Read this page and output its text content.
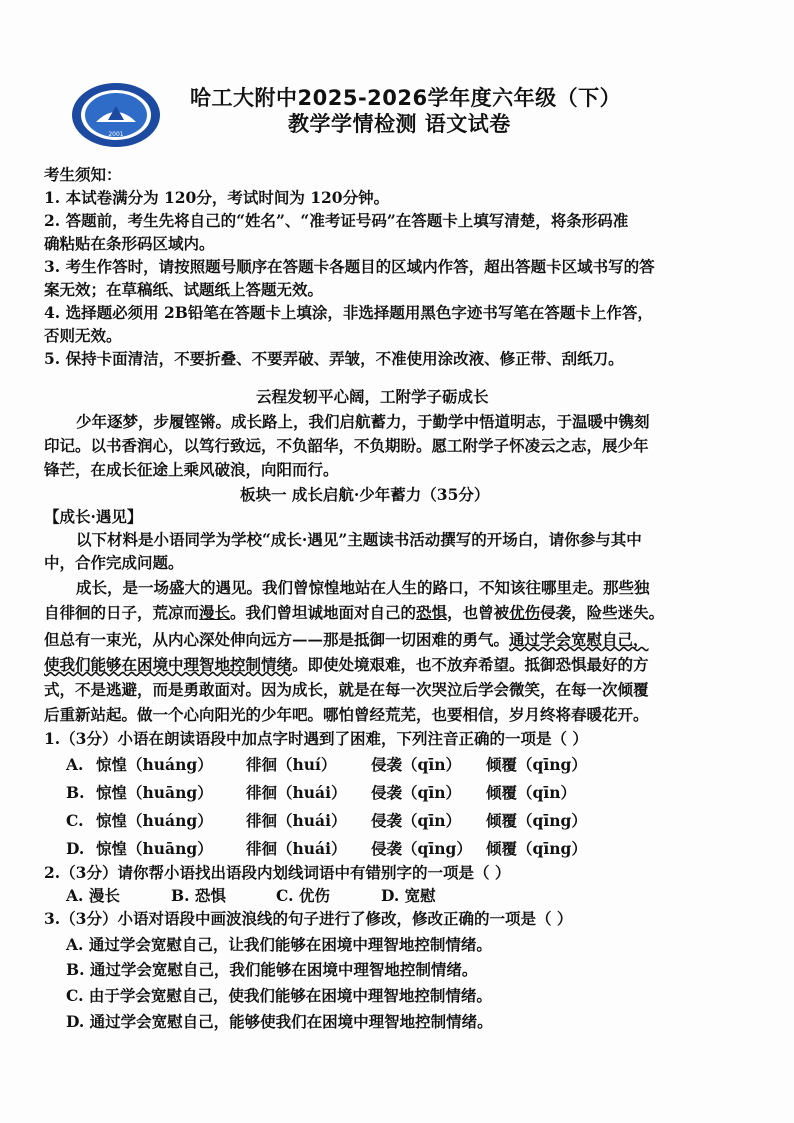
2001
哈工大附中2025-2026学年度六年级（下）
教学学情检测 语文试卷
考生须知：
1. 本试卷满分为 120分，考试时间为 120分钟。
2. 答题前，考生先将自己的“姓名”、“准考证号码”在答题卡上填写清楚，将条形码准
确粘贴在条形码区域内。
3. 考生作答时，请按照题号顺序在答题卡各题目的区域内作答，超出答题卡区域书写的答
案无效；在草稿纸、试题纸上答题无效。
4. 选择题必须用 2B铅笔在答题卡上填涂，非选择题用黑色字迹书写笔在答题卡上作答，
否则无效。
5. 保持卡面清洁，不要折叠、不要弄破、弄皱，不准使用涂改液、修正带、刮纸刀。
云程发轫平心阔，工附学子砺成长
少年逐梦，步履铿锵。成长路上，我们启航蓄力，于勤学中悟道明志，于温暖中镌刻
印记。以书香润心，以笃行致远，不负韶华，不负期盼。愿工附学子怀凌云之志，展少年
锋芒，在成长征途上乘风破浪，向阳而行。
板块一 成长启航·少年蓄力（35分）
【成长·遇见】
以下材料是小语同学为学校“成长·遇见”主题读书活动撰写的开场白，请你参与其中
中，合作完成问题。
成长，是一场盛大的遇见。我们曾惊惶地站在人生的路口，不知该往哪里走。那些独
自徘徊的日子，荒凉而漫长。我们曾坦诚地面对自己的恐惧，也曾被优伤侵袭，险些迷失。
但总有一束光，从内心深处伸向远方——那是抵御一切困难的勇气。通过学会宽慰自己，
使我们能够在困境中理智地控制情绪。即使处境艰难，也不放弃希望。抵御恐惧最好的方
式，不是逃避，而是勇敢面对。因为成长，就是在每一次哭泣后学会微笑，在每一次倾覆
后重新站起。做一个心向阳光的少年吧。哪怕曾经荒芜，也要相信，岁月终将春暖花开。
1.（3分）小语在朗读语段中加点字时遇到了困难，下列注音正确的一项是（ ）
A. 惊惶（huáng） 徘徊（huí） 侵袭（qīn） 倾覆（qīng）
B. 惊惶（huāng） 徘徊（huái） 侵袭（qīn） 倾覆（qīn）
C. 惊惶（huáng） 徘徊（huái） 侵袭（qīn） 倾覆（qīng）
D. 惊惶（huāng） 徘徊（huái） 侵袭（qīng） 倾覆（qīng）
2.（3分）请你帮小语找出语段内划线词语中有错别字的一项是（ ）
A. 漫长	B. 恐惧	C. 优伤	D. 宽慰
3.（3分）小语对语段中画波浪线的句子进行了修改，修改正确的一项是（ ）
A. 通过学会宽慰自己，让我们能够在困境中理智地控制情绪。
B. 通过学会宽慰自己，我们能够在困境中理智地控制情绪。
C. 由于学会宽慰自己，使我们能够在困境中理智地控制情绪。
D. 通过学会宽慰自己，能够使我们在困境中理智地控制情绪。
